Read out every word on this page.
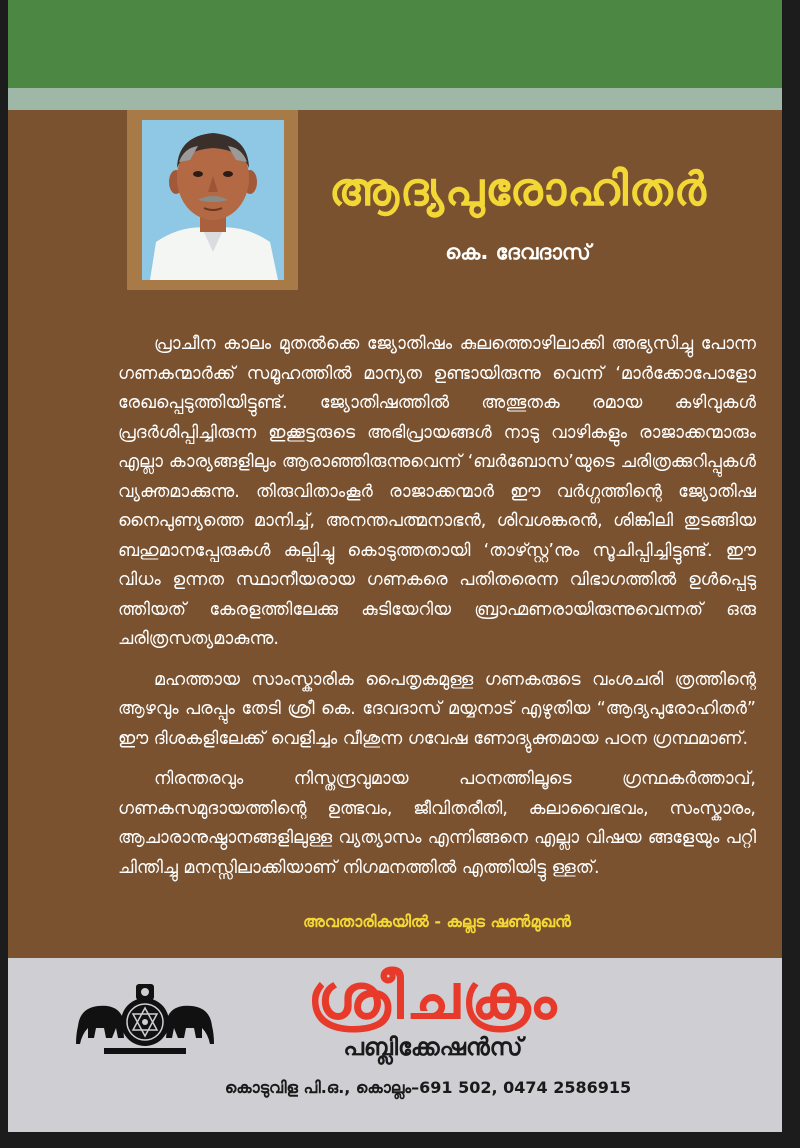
ആദ്യപുരോഹിതർ
കെ. ദേവദാസ്

പ്രാചീന കാലം മുതൽക്കെ ജ്യോതിഷം കുലത്തൊഴിലാക്കി അഭ്യസിച്ചു പോന്ന ഗണകന്മാർക്ക് സമൂഹത്തിൽ മാന്യത ഉണ്ടായിരുന്നു വെന്ന് ‘മാർക്കോപോളോ രേഖപ്പെടുത്തിയിട്ടുണ്ട്. ജ്യോതിഷത്തിൽ അത്ഭുതക രമായ കഴിവുകൾ പ്രദർശിപ്പിച്ചിരുന്ന ഇക്കൂട്ടരുടെ അഭിപ്രായങ്ങൾ നാടു വാഴികളും രാജാക്കന്മാരും എല്ലാ കാര്യങ്ങളിലും ആരാഞ്ഞിരുന്നുവെന്ന് ‘ബർബോസ’യുടെ ചരിത്രക്കുറിപ്പുകൾ വ്യക്തമാക്കുന്നു. തിരുവിതാംകൂർ രാജാക്കന്മാർ ഈ വർഗ്ഗത്തിന്റെ ജ്യോതിഷ നൈപുണ്യത്തെ മാനിച്ച്, അനന്തപത്മനാഭൻ, ശിവശങ്കരൻ, ശിങ്കിലി തുടങ്ങിയ ബഹുമാനപ്പേരുകൾ കല്പിച്ചു കൊടുത്തതായി ‘താഴ്സ്റ്റ’നും സൂചിപ്പിച്ചിട്ടുണ്ട്. ഈ വിധം ഉന്നത സ്ഥാനീയരായ ഗണകരെ പതിതരെന്ന വിഭാഗത്തിൽ ഉൾപ്പെടു ത്തിയത് കേരളത്തിലേക്കു കുടിയേറിയ ബ്രാഹ്മണരായിരുന്നുവെന്നത് ഒരു ചരിത്രസത്യമാകുന്നു.

മഹത്തായ സാംസ്കാരിക പൈതൃകമുള്ള ഗണകരുടെ വംശചരി ത്രത്തിന്റെ ആഴവും പരപ്പും തേടി ശ്രീ കെ. ദേവദാസ് മയ്യനാട് എഴുതിയ “ആദ്യപുരോഹിതർ” ഈ ദിശകളിലേക്ക് വെളിച്ചം വീശുന്ന ഗവേഷ ണോദ്യുക്തമായ പഠന ഗ്രന്ഥമാണ്.

നിരന്തരവും നിസ്തന്ദ്രവുമായ പഠനത്തിലൂടെ ഗ്രന്ഥകർത്താവ്, ഗണകസമുദായത്തിന്റെ ഉത്ഭവം, ജീവിതരീതി, കലാവൈഭവം, സംസ്കാരം, ആചാരാനുഷ്ഠാനങ്ങളിലുള്ള വ്യത്യാസം എന്നിങ്ങനെ എല്ലാ വിഷയ ങ്ങളേയും പറ്റി ചിന്തിച്ചു മനസ്സിലാക്കിയാണ് നിഗമനത്തിൽ എത്തിയിട്ടു ള്ളത്.

അവതാരികയിൽ - കല്ലട ഷൺമുഖൻ
ശ്രീചക്രം
പബ്ലിക്കേഷൻസ്
കൊടുവിള പി.ഒ., കൊല്ലം–691 502, 0474 2586915
